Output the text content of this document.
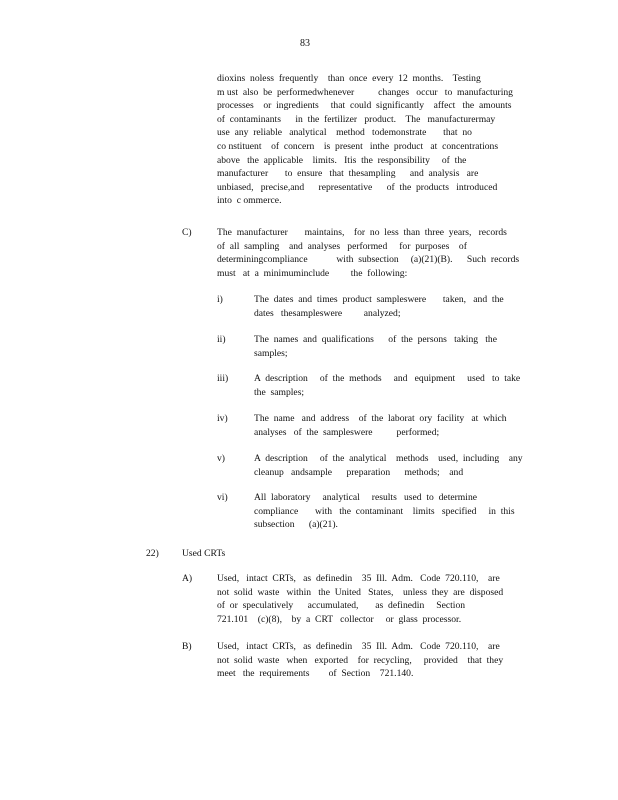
83

dioxins  noless  frequently    than  once  every  12  months.    Testing
m ust  also  be  performedwhenever          changes   occur   to  manufacturing
processes    or  ingredients     that  could  significantly    affect   the  amounts
of  contaminants      in  the  fertilizer   product.    The   manufacturermay
use  any  reliable   analytical    method   todemonstrate       that  no
co nstituent    of  concern    is  present   inthe  product   at  concentrations
above   the  applicable    limits.   Itis  the  responsibility     of  the
manufacturer       to  ensure   that  thesampling      and  analysis   are
unbiased,   precise,and      representative      of  the  products   introduced
into  c ommerce.

C)	The  manufacturer       maintains,    for  no  less  than  three  years,   records
of  all  sampling    and  analyses   performed     for  purposes    of
determiningcompliance            with  subsection     (a)(21)(B).      Such  records
must   at  a  minimuminclude         the  following:

i)	The  dates  and  times  product  sampleswere       taken,   and  the
dates   thesampleswere         analyzed;

ii)	The  names  and  qualifications      of  the  persons   taking   the
samples;

iii)	A  description     of  the  methods     and   equipment     used   to  take
the  samples;

iv)	The  name   and  address    of  the  laborat  ory  facility   at  which
analyses   of  the  sampleswere          performed;

v)	A  description     of  the  analytical    methods    used,  including    any
cleanup   andsample      preparation      methods;    and

vi)	All  laboratory     analytical     results   used  to  determine
compliance       with   the  contaminant    limits   specified     in  this
subsection      (a)(21).

22) Used CRTs
A)	Used,   intact  CRTs,   as  definedin    35  Ill.  Adm.   Code  720.110,    are
not  solid  waste   within   the  United   States,    unless  they  are  disposed
of  or  speculatively      accumulated,       as  definedin     Section
721.101    (c)(8),    by  a  CRT   collector     or  glass  processor.

B)	Used,   intact  CRTs,   as  definedin    35  Ill.  Adm.   Code  720.110,    are
not  solid  waste   when   exported    for  recycling,     provided    that  they
meet   the  requirements        of  Section    721.140.
